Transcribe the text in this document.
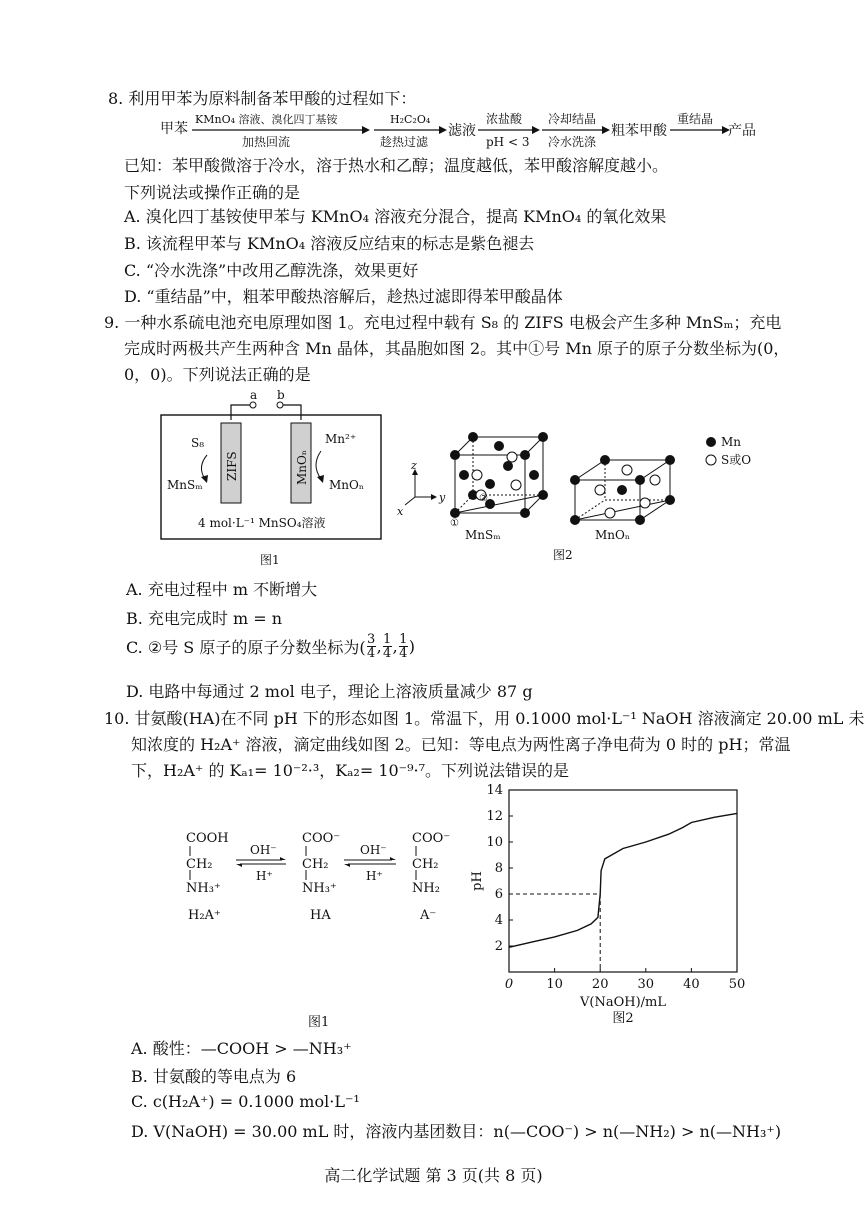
8. 利用甲苯为原料制备苯甲酸的过程如下：
甲苯
KMnO₄ 溶液、溴化四丁基铵
加热回流
H₂C₂O₄
趁热过滤
滤液
浓盐酸
pH < 3
冷却结晶
冷水洗涤
粗苯甲酸
重结晶
产品
已知：苯甲酸微溶于冷水，溶于热水和乙醇；温度越低，苯甲酸溶解度越小。
下列说法或操作正确的是
A. 溴化四丁基铵使甲苯与 KMnO₄ 溶液充分混合，提高 KMnO₄ 的氧化效果
B. 该流程甲苯与 KMnO₄ 溶液反应结束的标志是紫色褪去
C. “冷水洗涤”中改用乙醇洗涤，效果更好
D. “重结晶”中，粗苯甲酸热溶解后，趁热过滤即得苯甲酸晶体
9. 一种水系硫电池充电原理如图 1。充电过程中载有 S₈ 的 ZIFS 电极会产生多种 MnSₘ；充电
完成时两极共产生两种含 Mn 晶体，其晶胞如图 2。其中①号 Mn 原子的原子分数坐标为(0，
0，0)。下列说法正确的是
a b
ZIFS	MnOₙ
S₈
MnSₘ
Mn²⁺
MnOₙ
4 mol·L⁻¹ MnSO₄溶液
图1
z
y
x
②
①
MnSₘ	MnOₙ
Mn
S或O
图2
A. 充电过程中 m 不断增大
B. 充电完成时 m = n
C. ②号 S 原子的原子分数坐标为( 3
4 , 1
4 , 1
4 )
D. 电路中每通过 2 mol 电子，理论上溶液质量减少 87 g
10. 甘氨酸(HA)在不同 pH 下的形态如图 1。常温下，用 0.1000 mol·L⁻¹ NaOH 溶液滴定 20.00 mL 未
知浓度的 H₂A⁺ 溶液，滴定曲线如图 2。已知：等电点为两性离子净电荷为 0 时的 pH；常温
下，H₂A⁺ 的 Kₐ₁= 10⁻²·³，Kₐ₂= 10⁻⁹·⁷。下列说法错误的是
COOH
CH₂
NH₃⁺
H₂A⁺
COO⁻
CH₂
NH₃⁺
HA
COO⁻
CH₂
NH₂
A⁻
OH⁻
H⁺
OH⁻
H⁺
图1
0	10 20 30 40 50
2
4
6
8
10
12
14
V(NaOH)/mL
pH
图2
A. 酸性：—COOH > —NH₃⁺
B. 甘氨酸的等电点为 6
C. c(H₂A⁺) = 0.1000 mol·L⁻¹
D. V(NaOH) = 30.00 mL 时，溶液内基团数目：n(—COO⁻) > n(—NH₂) > n(—NH₃⁺)
高二化学试题 第 3 页(共 8 页)
